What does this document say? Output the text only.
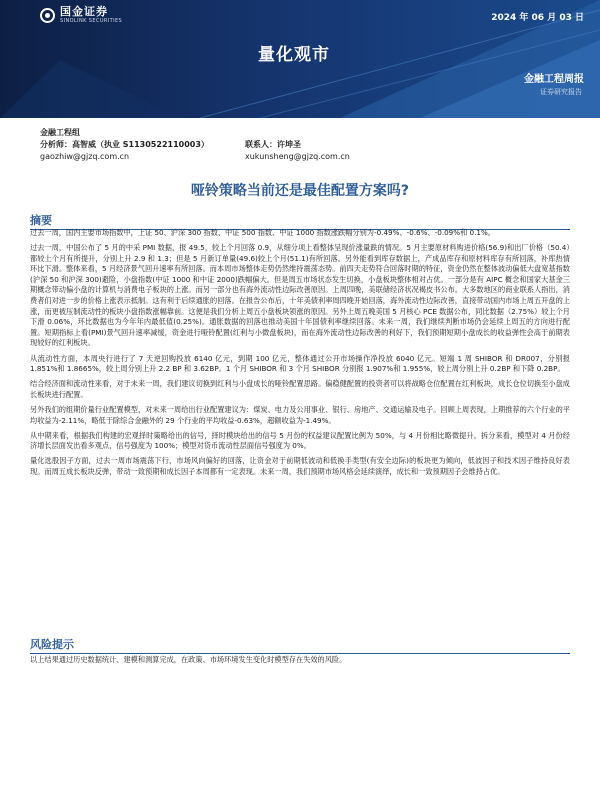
国金证券
SINOLINK SECURITIES	2024 年 06 月 03 日
量化观市
金融工程周报
证券研究报告
金融工程组
分析师：高智威（执业 S1130522110003）	联系人：许坤圣
gaozhiw@gjzq.com.cn	xukunsheng@gjzq.com.cn
哑铃策略当前还是最佳配置方案吗?
摘要

过去一周，国内主要市场指数中，上证 50、沪深 300 指数、中证 500 指数、中证 1000 指数涨跌幅分别为-0.49%、-0.6%、-0.09%和 0.1%。

过去一周，中国公布了 5 月的中采 PMI 数据，报 49.5，较上个月回落 0.9，从细分项上看整体呈现价涨量跌的情况。5 月主要原材料购进价格(56.9)和出厂价格（50.4）都较上个月有所提升，分别上升 2.9 和 1.3；但是 5 月新订单量(49.6)较上个月(51.1)有所回落。另外能看到库存数据上，产成品库存和原材料库存有所回落，补库热情环比下滑。整体来看，5 月经济景气回升速率有所回落。而本周市场整体走势仍然维持震荡态势。前四天走势符合回落时期的特征，资金仍然在整体波动偏低大盘宽基指数(沪深 50 和沪深 300)避险，小盘指数(中证 1000 和中证 2000)跌幅偏大。但是周五市场状态发生切换，小盘板块整体相对占优。一部分是有 AIPC 概念和国家大基金三期概念带动偏小盘的计算机与消费电子板块的上涨。而另一部分也有海外流动性边际改善原因。上周四晚，美联储经济状况褐皮书公布。大多数地区的商业联系人指出，消费者们对进一步的价格上涨表示抵制。这有利于后续通胀的回落。在报告公布后，十年美债利率周四晚开始回落，海外流动性边际改善，直接带动国内市场上周五开盘的上涨，而更被压制流动性的板块小盘指数涨幅靠前。这便是我们分析上周五小盘板块领涨的原因。另外上周五晚美国 5 月核心 PCE 数据公布，同比数据（2.75%）较上个月下滑 0.06%，环比数据也为今年年内最低值(0.25%)。通胀数据的回落也推动美国十年国债利率继续回落。未来一周，我们继续判断市场仍会延续上周五的方向进行配置。短期指标上看(PMI)景气回升速率减缓，资金进行哑铃配置(红利与小微盘板块)，而在海外流动性边际改善的利好下，我们预期短期小盘成长的收益弹性会高于前期表现较好的红利板块。

从流动性方面，本周央行进行了 7 天逆回购投放 6140 亿元，到期 100 亿元，整体通过公开市场操作净投放 6040 亿元。短端 1 周 SHIBOR 和 DR007，分别报 1.851%和 1.8665%，较上周分别上升 2.2 BP 和 3.62BP。1 个月 SHIBOR 和 3 个月 SHIBOR 分别报 1.907%和 1.955%，较上周分别上升 0.2BP 和下降 0.2BP。

结合经济面和流动性来看，对于未来一周，我们建议切换到红利与小盘成长的哑铃配置思路。偏稳健配置的投资者可以将战略仓位配置在红利板块，成长仓位切换至小盘成长板块进行配置。

另外我们的组期价量行业配置模型，对未来一周给出行业配置建议为：煤炭、电力及公用事业、银行、房地产、交通运输及电子。回顾上周表现，上期推荐的六个行业的平均收益为-2.11%，略低于除综合金融外的 29 个行业的平均收益-0.63%，超额收益为-1.49%。

从中期来看，根据我们构建的宏观择时策略给出的信号，择时模块给出的信号 5 月份的权益建议配置比例为 50%，与 4 月份相比略微提升。拆分来看，模型对 4 月份经济增长层面发出看多观点，信号强度为 100%；模型对货币流动性层面信号强度为 0%。

量化选股因子方面，过去一周市场震荡下行，市场风向偏好的回落，让资金对于前期低波动和低换手类型(有安全边际)的板块更为倾向，低波因子和技术因子维持良好表现。而周五成长板块反弹，带动一致预期和成长因子本周都有一定表现。未来一周，我们预期市场风格会延续演绎，成长和一致预期因子会维持占优。

风险提示
以上结果通过历史数据统计、建模和测算完成，在政策、市场环境发生变化时模型存在失效的风险。
